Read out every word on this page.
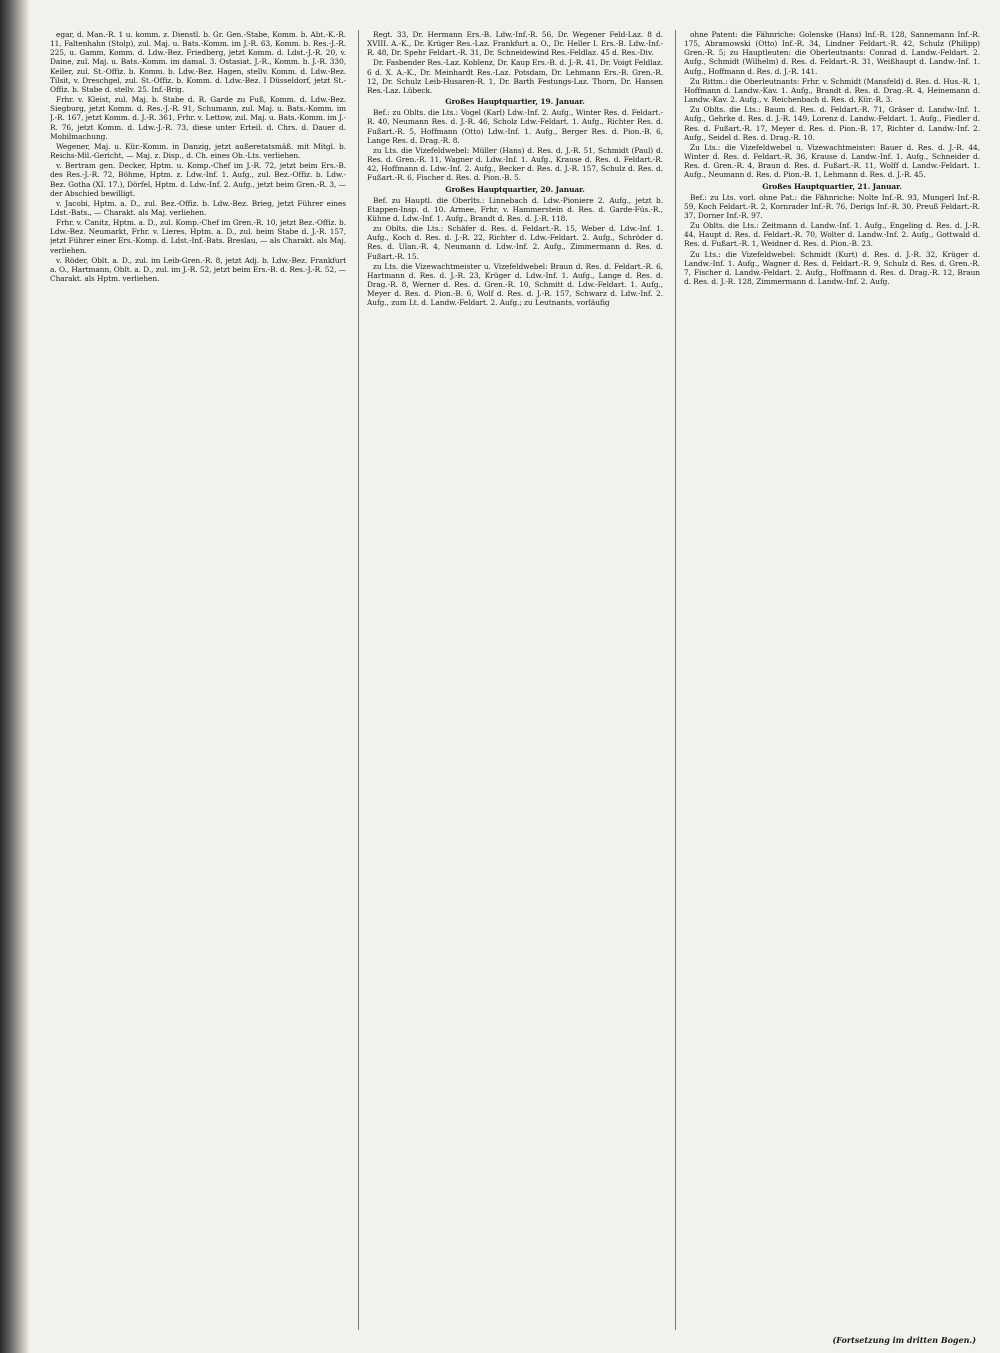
egar, d. Man.-R. 1 u. komm. z. Dienstl. b. Gr. Gen.-Stabe, Komm. b. Abt.-K.-R. 11, Faltenhahn (Stolp), zul. Maj. u. Bats.-Komm. im J.-R. 63, Komm. b. Res.-J.-R. 225, u. Gamm, Komm. d. Ldw.-Bez. Friedberg, jetzt Komm. d. Ldst.-J.-R. 20, v. Daine, zul. Maj. u. Bats.-Komm. im damal. 3. Ostasiat. J.-R., Komm. b. J.-R. 330, Keiler, zul. St.-Offiz. b. Komm. b. Ldw.-Bez. Hagen, stellv. Komm. d. Ldw.-Bez. Tilsit, v. Dreschgel, zul. St.-Offiz. b. Komm. d. Ldw.-Bez. I Düsseldorf, jetzt St.-Offiz. b. Stabe d. stellv. 25. Inf.-Brig.

Frhr. v. Kleist, zul. Maj. b. Stabe d. R. Garde zu Fuß, Komm. d. Ldw.-Bez. Siegburg, jetzt Komm. d. Res.-J.-R. 91, Schumann, zul. Maj. u. Bats.-Komm. im J.-R. 167, jetzt Komm. d. J.-R. 361, Frhr. v. Lettow, zul. Maj. u. Bats.-Komm. im J.-R. 76, jetzt Komm. d. Ldw.-J.-R. 73, diese unter Erteil. d. Chrs. d. Dauer d. Mobilmachung.

Wegener, Maj. u. Kür.-Komm. in Danzig, jetzt außeretatsmäß. mit Mitgl. b. Reichs-Mil.-Gericht, — Maj. z. Disp., d. Ch. eines Ob.-Lts. verliehen.

v. Bertram gen. Decker, Hptm. u. Komp.-Chef im J.-R. 72, jetzt beim Ers.-B. des Res.-J.-R. 72, Böhme, Hptm. z. Ldw.-Inf. 1. Aufg., zul. Bez.-Offiz. b. Ldw.-Bez. Gotha (XI. 17.), Dörfel, Hptm. d. Ldw.-Inf. 2. Aufg., jetzt beim Gren.-R. 3, — der Abschied bewilligt.

v. Jacobi, Hptm. a. D., zul. Bez.-Offiz. b. Ldw.-Bez. Brieg, jetzt Führer eines Ldst.-Bats., — Charakt. als Maj. verliehen.

Frhr. v. Canitz, Hptm. a. D., zul. Komp.-Chef im Gren.-R. 10, jetzt Bez.-Offiz. b. Ldw.-Bez. Neumarkt, Frhr. v. Lieres, Hptm. a. D., zul. beim Stabe d. J.-R. 157, jetzt Führer einer Ers.-Komp. d. Ldst.-Inf.-Bats. Breslau, — als Charakt. als Maj. verliehen.

v. Röder, Oblt. a. D., zul. im Leib-Gren.-R. 8, jetzt Adj. b. Ldw.-Bez. Frankfurt a. O., Hartmann, Oblt. a. D., zul. im J.-R. 52, jetzt beim Ers.-B. d. Res.-J.-R. 52, — Charakt. als Hptm. verliehen.

Regt. 33, Dr. Hermann Ers.-B. Ldw.-Inf.-R. 56, Dr. Wegener Feld-Laz. 8 d. XVIII. A.-K., Dr. Krüger Res.-Laz. Frankfurt a. O., Dr. Heller I. Ers.-B. Ldw.-Inf.-R. 48, Dr. Spehr Feldart.-R. 31, Dr. Schneidewind Res.-Feldlaz. 45 d. Res.-Div.

Dr. Fasbender Res.-Laz. Koblenz, Dr. Kaup Ers.-B. d. J.-R. 41, Dr. Voigt Feldlaz. 6 d. X. A.-K., Dr. Meinhardt Res.-Laz. Potsdam, Dr. Lehmann Ers.-B. Gren.-R. 12, Dr. Schulz Leib-Husaren-R. 1, Dr. Barth Festungs-Laz. Thorn, Dr. Hansen Res.-Laz. Lübeck.

Großes Hauptquartier, 19. Januar.

Bef.: zu Oblts. die Lts.: Vogel (Karl) Ldw.-Inf. 2. Aufg., Winter Res. d. Feldart.-R. 40, Neumann Res. d. J.-R. 46, Scholz Ldw.-Feldart. 1. Aufg., Richter Res. d. Fußart.-R. 5, Hoffmann (Otto) Ldw.-Inf. 1. Aufg., Berger Res. d. Pion.-B. 6, Lange Res. d. Drag.-R. 8.

zu Lts. die Vizefeldwebel: Müller (Hans) d. Res. d. J.-R. 51, Schmidt (Paul) d. Res. d. Gren.-R. 11, Wagner d. Ldw.-Inf. 1. Aufg., Krause d. Res. d. Feldart.-R. 42, Hoffmann d. Ldw.-Inf. 2. Aufg., Becker d. Res. d. J.-R. 157, Schulz d. Res. d. Fußart.-R. 6, Fischer d. Res. d. Pion.-B. 5.

Großes Hauptquartier, 20. Januar.

Bef. zu Hauptl. die Oberlts.: Linnebach d. Ldw.-Pioniere 2. Aufg., jetzt b. Etappen-Insp. d. 10. Armee, Frhr. v. Hammerstein d. Res. d. Garde-Füs.-R., Kühne d. Ldw.-Inf. 1. Aufg., Brandt d. Res. d. J.-R. 118.

zu Oblts. die Lts.: Schäfer d. Res. d. Feldart.-R. 15, Weber d. Ldw.-Inf. 1. Aufg., Koch d. Res. d. J.-R. 22, Richter d. Ldw.-Feldart. 2. Aufg., Schröder d. Res. d. Ulan.-R. 4, Neumann d. Ldw.-Inf. 2. Aufg., Zimmermann d. Res. d. Fußart.-R. 15.

zu Lts. die Vizewachtmeister u. Vizefeldwebel: Braun d. Res. d. Feldart.-R. 6, Hartmann d. Res. d. J.-R. 23, Krüger d. Ldw.-Inf. 1. Aufg., Lange d. Res. d. Drag.-R. 8, Werner d. Res. d. Gren.-R. 10, Schmitt d. Ldw.-Feldart. 1. Aufg., Meyer d. Res. d. Pion.-B. 6, Wolf d. Res. d. J.-R. 157, Schwarz d. Ldw.-Inf. 2. Aufg., zum Lt. d. Landw.-Feldart. 2. Aufg.; zu Leutnants, vorläufig

ohne Patent: die Fähnriche: Golenske (Hans) Inf.-R. 128, Sannemann Inf.-R. 175, Abramowski (Otto) Inf.-R. 34, Lindner Feldart.-R. 42, Schulz (Philipp) Gren.-R. 5; zu Hauptleuten: die Oberleutnants: Conrad d. Landw.-Feldart. 2. Aufg., Schmidt (Wilhelm) d. Res. d. Feldart.-R. 31, Weißhaupt d. Landw.-Inf. 1. Aufg., Hoffmann d. Res. d. J.-R. 141.

Zu Rittm.: die Oberleutnants: Frhr. v. Schmidt (Mansfeld) d. Res. d. Hus.-R. 1, Hoffmann d. Landw.-Kav. 1. Aufg., Brandt d. Res. d. Drag.-R. 4, Heinemann d. Landw.-Kav. 2. Aufg., v. Reichenbach d. Res. d. Kür.-R. 3.

Zu Oblts. die Lts.: Baum d. Res. d. Feldart.-R. 71, Gräser d. Landw.-Inf. 1. Aufg., Gehrke d. Res. d. J.-R. 149, Lorenz d. Landw.-Feldart. 1. Aufg., Fiedler d. Res. d. Fußart.-R. 17, Meyer d. Res. d. Pion.-B. 17, Richter d. Landw.-Inf. 2. Aufg., Seidel d. Res. d. Drag.-R. 10.

Zu Lts.: die Vizefeldwebel u. Vizewachtmeister: Bauer d. Res. d. J.-R. 44, Winter d. Res. d. Feldart.-R. 36, Krause d. Landw.-Inf. 1. Aufg., Schneider d. Res. d. Gren.-R. 4, Braun d. Res. d. Fußart.-R. 11, Wolff d. Landw.-Feldart. 1. Aufg., Neumann d. Res. d. Pion.-B. 1, Lehmann d. Res. d. J.-R. 45.

Großes Hauptquartier, 21. Januar.

Bef.: zu Lts. vorl. ohne Pat.: die Fähnriche: Nolte Inf.-R. 93, Mungerl Inf.-R. 59, Koch Feldart.-R. 2, Kornrader Inf.-R. 76, Derigs Inf.-R. 30, Preuß Feldart.-R. 37, Dorner Inf.-R. 97.

Zu Oblts. die Lts.: Zeitmann d. Landw.-Inf. 1. Aufg., Engeling d. Res. d. J.-R. 44, Haupt d. Res. d. Feldart.-R. 70, Wolter d. Landw.-Inf. 2. Aufg., Gottwald d. Res. d. Fußart.-R. 1, Weidner d. Res. d. Pion.-B. 23.

Zu Lts.: die Vizefeldwebel: Schmidt (Kurt) d. Res. d. J.-R. 32, Krüger d. Landw.-Inf. 1. Aufg., Wagner d. Res. d. Feldart.-R. 9, Schulz d. Res. d. Gren.-R. 7, Fischer d. Landw.-Feldart. 2. Aufg., Hoffmann d. Res. d. Drag.-R. 12, Braun d. Res. d. J.-R. 128, Zimmermann d. Landw.-Inf. 2. Aufg.

(Fortsetzung im dritten Bogen.)
